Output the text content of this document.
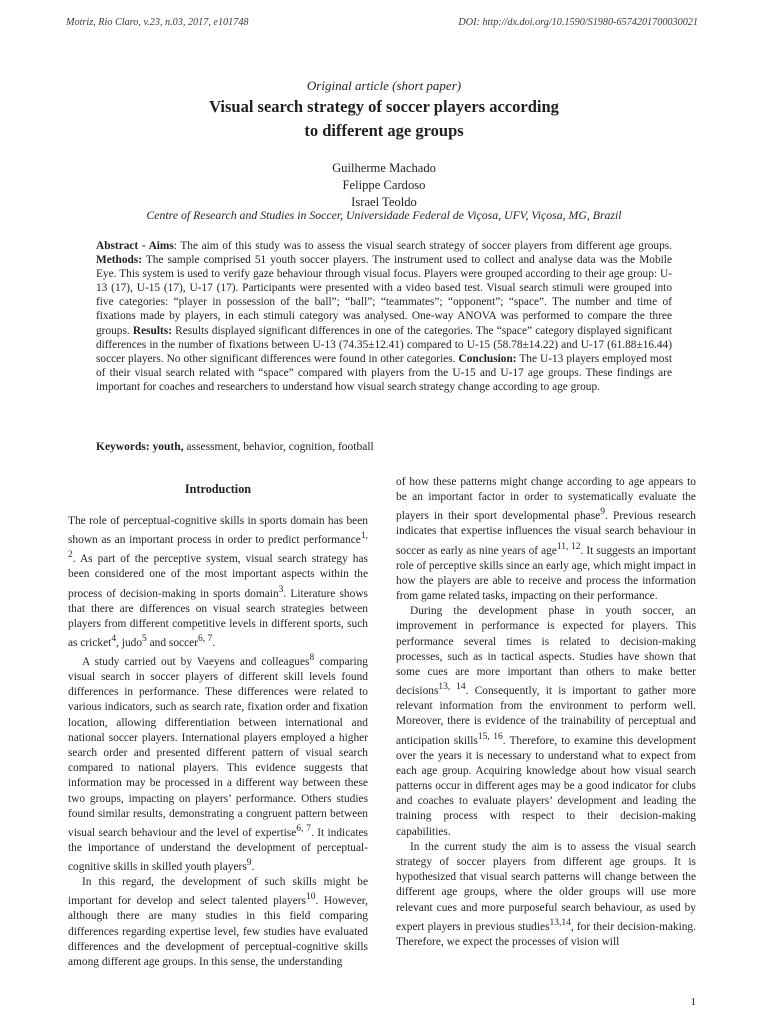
Motriz, Rio Claro, v.23, n.03, 2017, e101748	DOI: http://dx.doi.org/10.1590/S1980-6574201700030021
Original article (short paper)
Visual search strategy of soccer players according
to different age groups
Guilherme Machado
Felippe Cardoso
Israel Teoldo
Centre of Research and Studies in Soccer, Universidade Federal de Viçosa, UFV, Viçosa, MG, Brazil

Abstract - Aims: The aim of this study was to assess the visual search strategy of soccer players from different age groups. Methods: The sample comprised 51 youth soccer players. The instrument used to collect and analyse data was the Mobile Eye. This system is used to verify gaze behaviour through visual focus. Players were grouped according to their age group: U-13 (17), U-15 (17), U-17 (17). Participants were presented with a video based test. Visual search stimuli were grouped into five categories: “player in possession of the ball”; “ball”; “teammates”; “opponent”; “space”. The number and time of fixations made by players, in each stimuli category was analysed. One-way ANOVA was performed to compare the three groups. Results: Results displayed significant differences in one of the categories. The “space” category displayed significant differences in the number of fixations between U-13 (74.35±12.41) compared to U-15 (58.78±14.22) and U-17 (61.88±16.44) soccer players. No other significant differences were found in other categories. Conclusion: The U-13 players employed most of their visual search related with “space” compared with players from the U-15 and U-17 age groups. These findings are important for coaches and researchers to understand how visual search strategy change according to age group.

Keywords: youth, assessment, behavior, cognition, football

Introduction

The role of perceptual-cognitive skills in sports domain has been shown as an important process in order to predict performance$^{1, 2}$. As part of the perceptive system, visual search strategy has been considered one of the most important aspects within the process of decision-making in sports domain$^3$. Literature shows that there are differences on visual search strategies between players from different competitive levels in different sports, such as cricket$^4$, judo$^5$ and soccer$^{6, 7}$.

A study carried out by Vaeyens and colleagues$^8$ comparing visual search in soccer players of different skill levels found differences in performance. These differences were related to various indicators, such as search rate, fixation order and fixation location, allowing differentiation between international and national soccer players. International players employed a higher search order and presented different pattern of visual search compared to national players. This evidence suggests that information may be processed in a different way between these two groups, impacting on players’ performance. Others studies found similar results, demonstrating a congruent pattern between visual search behaviour and the level of expertise$^{6, 7}$. It indicates the importance of understand the development of perceptual-cognitive skills in skilled youth players$^9$.

In this regard, the development of such skills might be important for develop and select talented players$^{10}$. However, although there are many studies in this field comparing differences regarding expertise level, few studies have evaluated differences and the development of perceptual-cognitive skills among different age groups. In this sense, the understanding

of how these patterns might change according to age appears to be an important factor in order to systematically evaluate the players in their sport developmental phase$^9$. Previous research indicates that expertise influences the visual search behaviour in soccer as early as nine years of age$^{11, 12}$. It suggests an important role of perceptive skills since an early age, which might impact in how the players are able to receive and process the information from game related tasks, impacting on their performance.

During the development phase in youth soccer, an improvement in performance is expected for players. This performance several times is related to decision-making processes, such as in tactical aspects. Studies have shown that some cues are more important than others to make better decisions$^{13, 14}$. Consequently, it is important to gather more relevant information from the environment to perform well. Moreover, there is evidence of the trainability of perceptual and anticipation skills$^{15, 16}$. Therefore, to examine this development over the years it is necessary to understand what to expect from each age group. Acquiring knowledge about how visual search patterns occur in different ages may be a good indicator for clubs and coaches to evaluate players’ development and leading the training process with respect to their decision-making capabilities.

In the current study the aim is to assess the visual search strategy of soccer players from different age groups. It is hypothesized that visual search patterns will change between the different age groups, where the older groups will use more relevant cues and more purposeful search behaviour, as used by expert players in previous studies$^{13,14}$, for their decision-making. Therefore, we expect the processes of vision will

1
